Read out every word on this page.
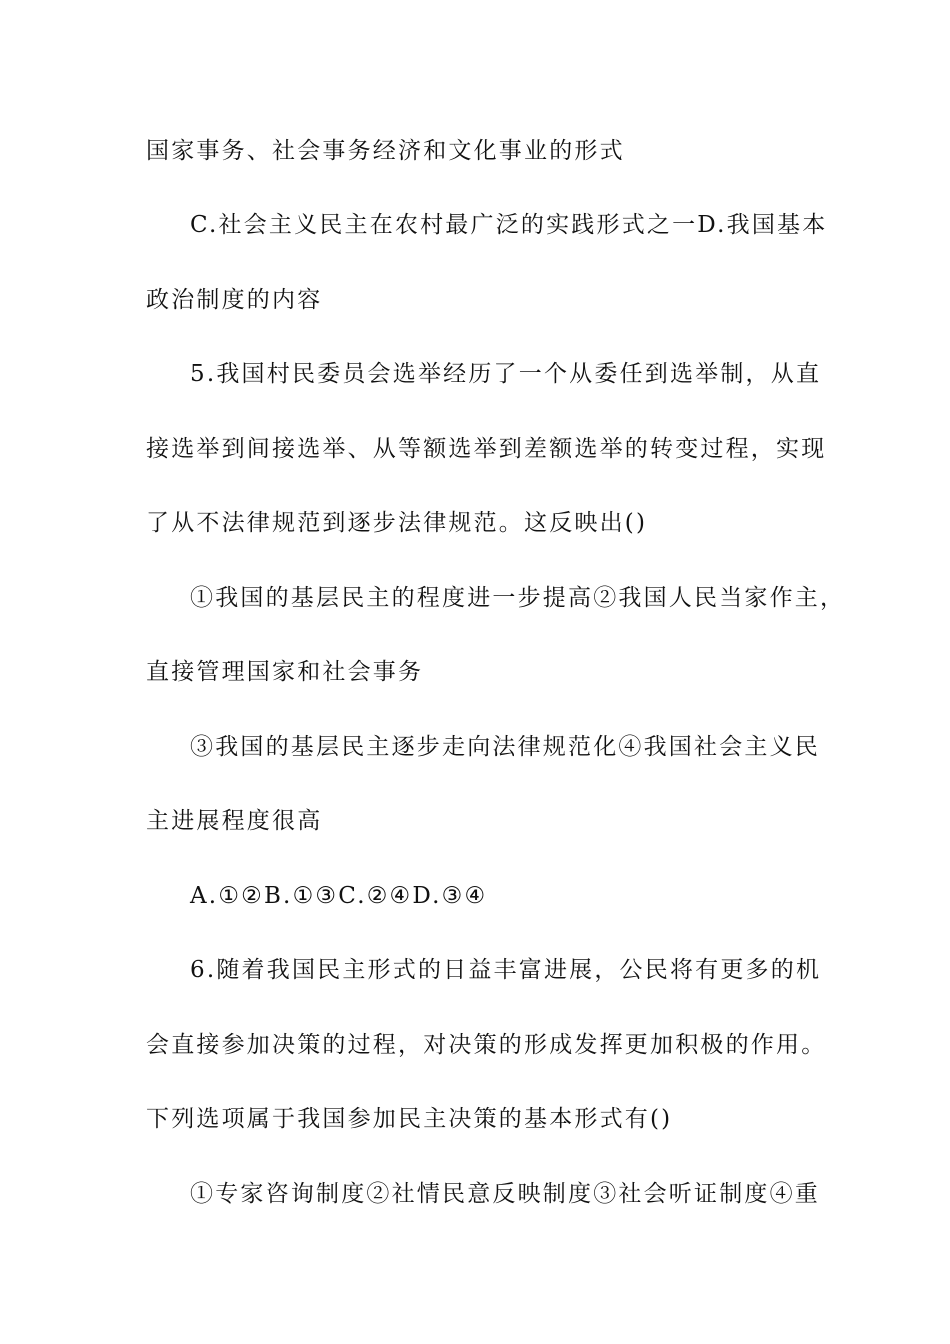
国家事务、社会事务经济和文化事业的形式
C.社会主义民主在农村最广泛的实践形式之一D.我国基本
政治制度的内容
5.我国村民委员会选举经历了一个从委任到选举制，从直
接选举到间接选举、从等额选举到差额选举的转变过程，实现
了从不法律规范到逐步法律规范。这反映出()
①我国的基层民主的程度进一步提高②我国人民当家作主，
直接管理国家和社会事务
③我国的基层民主逐步走向法律规范化④我国社会主义民
主进展程度很高
A.①②B.①③C.②④D.③④
6.随着我国民主形式的日益丰富进展，公民将有更多的机
会直接参加决策的过程，对决策的形成发挥更加积极的作用。
下列选项属于我国参加民主决策的基本形式有()
①专家咨询制度②社情民意反映制度③社会听证制度④重
